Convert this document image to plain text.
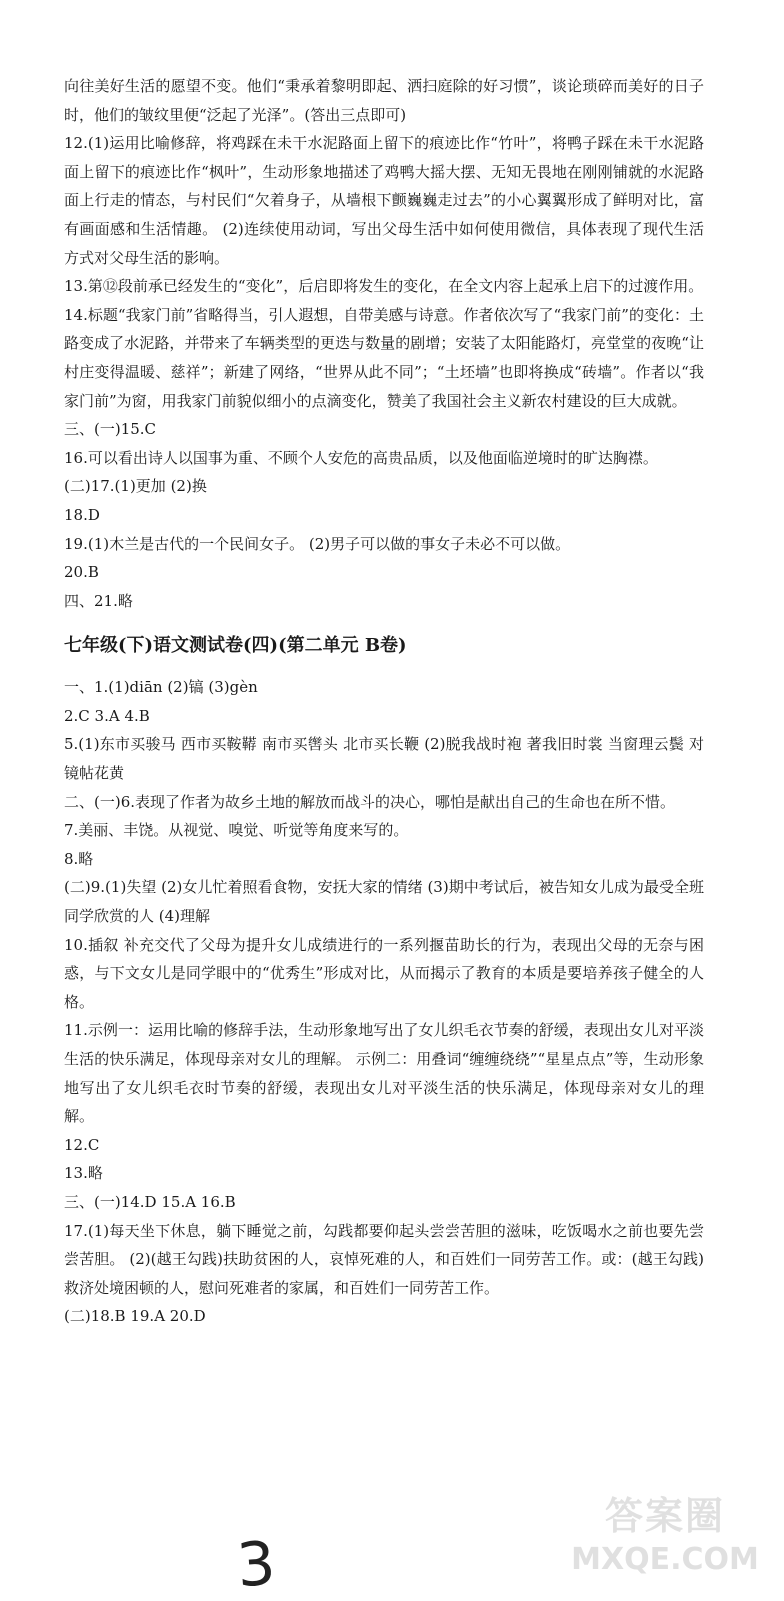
向往美好生活的愿望不变。他们“秉承着黎明即起、洒扫庭除的好习惯”，谈论琐碎而美好的日子时，他们的皱纹里便“泛起了光泽”。(答出三点即可)

12.(1)运用比喻修辞，将鸡踩在未干水泥路面上留下的痕迹比作“竹叶”，将鸭子踩在未干水泥路面上留下的痕迹比作“枫叶”，生动形象地描述了鸡鸭大摇大摆、无知无畏地在刚刚铺就的水泥路面上行走的情态，与村民们“欠着身子，从墙根下颤巍巍走过去”的小心翼翼形成了鲜明对比，富有画面感和生活情趣。 (2)连续使用动词，写出父母生活中如何使用微信，具体表现了现代生活方式对父母生活的影响。

13.第⑫段前承已经发生的“变化”，后启即将发生的变化，在全文内容上起承上启下的过渡作用。

14.标题“我家门前”省略得当，引人遐想，自带美感与诗意。作者依次写了“我家门前”的变化：土路变成了水泥路，并带来了车辆类型的更迭与数量的剧增；安装了太阳能路灯，亮堂堂的夜晚“让村庄变得温暖、慈祥”；新建了网络，“世界从此不同”；“土坯墙”也即将换成“砖墙”。作者以“我家门前”为窗，用我家门前貌似细小的点滴变化，赞美了我国社会主义新农村建设的巨大成就。

三、(一)15.C

16.可以看出诗人以国事为重、不顾个人安危的高贵品质，以及他面临逆境时的旷达胸襟。

(二)17.(1)更加 (2)换

18.D

19.(1)木兰是古代的一个民间女子。 (2)男子可以做的事女子未必不可以做。

20.B

四、21.略

七年级(下)语文测试卷(四)(第二单元 B卷)

一、1.(1)diān (2)镐 (3)gèn

2.C 3.A 4.B

5.(1)东市买骏马 西市买鞍鞯 南市买辔头 北市买长鞭 (2)脱我战时袍 著我旧时裳 当窗理云鬓 对镜帖花黄

二、(一)6.表现了作者为故乡土地的解放而战斗的决心，哪怕是献出自己的生命也在所不惜。

7.美丽、丰饶。从视觉、嗅觉、听觉等角度来写的。

8.略

(二)9.(1)失望 (2)女儿忙着照看食物，安抚大家的情绪 (3)期中考试后，被告知女儿成为最受全班同学欣赏的人 (4)理解

10.插叙 补充交代了父母为提升女儿成绩进行的一系列揠苗助长的行为，表现出父母的无奈与困惑，与下文女儿是同学眼中的“优秀生”形成对比，从而揭示了教育的本质是要培养孩子健全的人格。

11.示例一：运用比喻的修辞手法，生动形象地写出了女儿织毛衣节奏的舒缓，表现出女儿对平淡生活的快乐满足，体现母亲对女儿的理解。 示例二：用叠词“缠缠绕绕”“星星点点”等，生动形象地写出了女儿织毛衣时节奏的舒缓，表现出女儿对平淡生活的快乐满足，体现母亲对女儿的理解。

12.C

13.略

三、(一)14.D 15.A 16.B

17.(1)每天坐下休息，躺下睡觉之前，勾践都要仰起头尝尝苦胆的滋味，吃饭喝水之前也要先尝尝苦胆。 (2)(越王勾践)扶助贫困的人，哀悼死难的人，和百姓们一同劳苦工作。或：(越王勾践)救济处境困顿的人，慰问死难者的家属，和百姓们一同劳苦工作。

(二)18.B 19.A 20.D

3
答案圈
MXQE.COM
